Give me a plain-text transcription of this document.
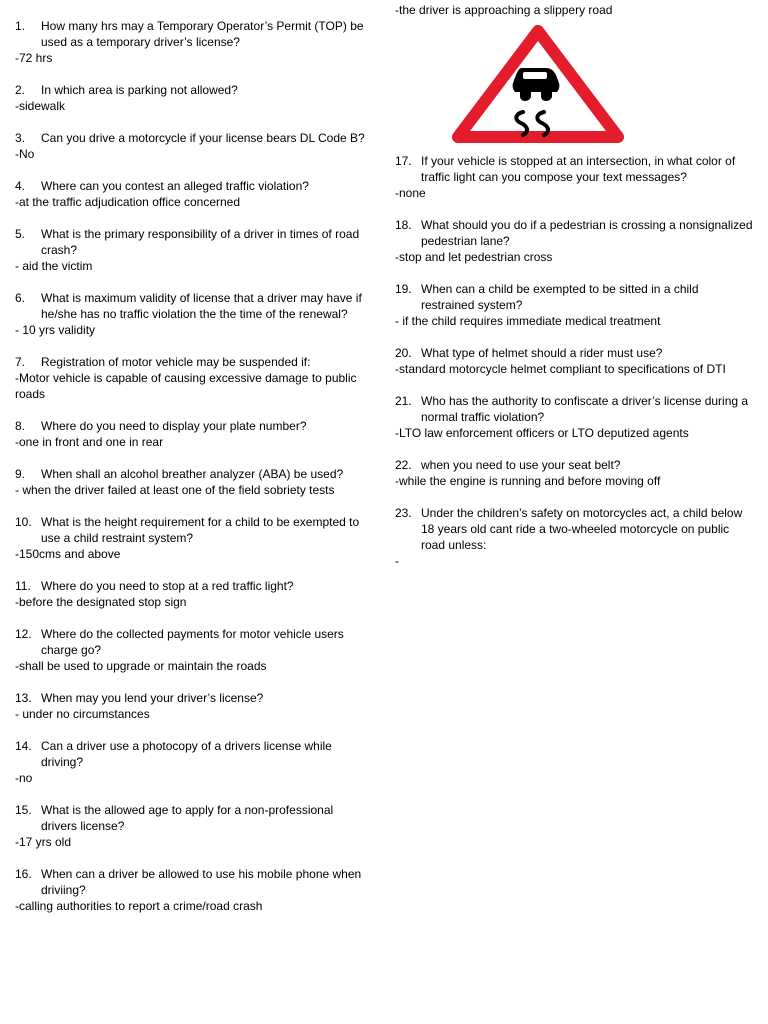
1.	How many hrs may a Temporary Operator’s Permit (TOP) be used as a temporary driver’s license?
-72 hrs
2.	In which area is parking not allowed?
-sidewalk
3.	Can you drive a motorcycle if your license bears DL Code B?
-No
4.	Where can you contest an alleged traffic violation?
-at the traffic adjudication office concerned
5.	What is the primary responsibility of a driver in times of road crash?
- aid the victim
6.	What is maximum validity of license that a driver may have if he/she has no traffic violation the the time of the renewal?
- 10 yrs validity
7.	Registration of motor vehicle may be suspended if:
-Motor vehicle is capable of causing excessive damage to public roads
8.	Where do you need to display your plate number?
-one in front and one in rear
9.	When shall an alcohol breather analyzer (ABA) be used?
- when the driver failed at least one of the field sobriety tests
10. What is the height requirement for a child to be exempted to use a child restraint system?
-150cms and above
11. Where do you need to stop at a red traffic light?
-before the designated stop sign
12. Where do the collected payments for motor vehicle users charge go?
-shall be used to upgrade or maintain the roads
13. When may you lend your driver’s license?
- under no circumstances
14. Can a driver use a photocopy of a drivers license while driving?
-no
15. What is the allowed age to apply for a non-professional drivers license?
-17 yrs old
16. When can a driver be allowed to use his mobile phone when driviing?
-calling authorities to report a crime/road crash
-the driver is approaching a slippery road
17. If your vehicle is stopped at an intersection, in what color of traffic light can you compose your text messages?
-none
18. What should you do if a pedestrian is crossing a nonsignalized pedestrian lane?
-stop and let pedestrian cross
19. When can a child be exempted to be sitted in a child restrained system?
- if the child requires immediate medical treatment
20. What type of helmet should a rider must use?
-standard motorcycle helmet compliant to specifications of DTI
21. Who has the authority to confiscate a driver’s license during a normal traffic violation?
-LTO law enforcement officers or LTO deputized agents
22. when you need to use your seat belt?
-while the engine is running and before moving off
23. Under the children’s safety on motorcycles act, a child below 18 years old cant ride a two-wheeled motorcycle on public road unless:
-
